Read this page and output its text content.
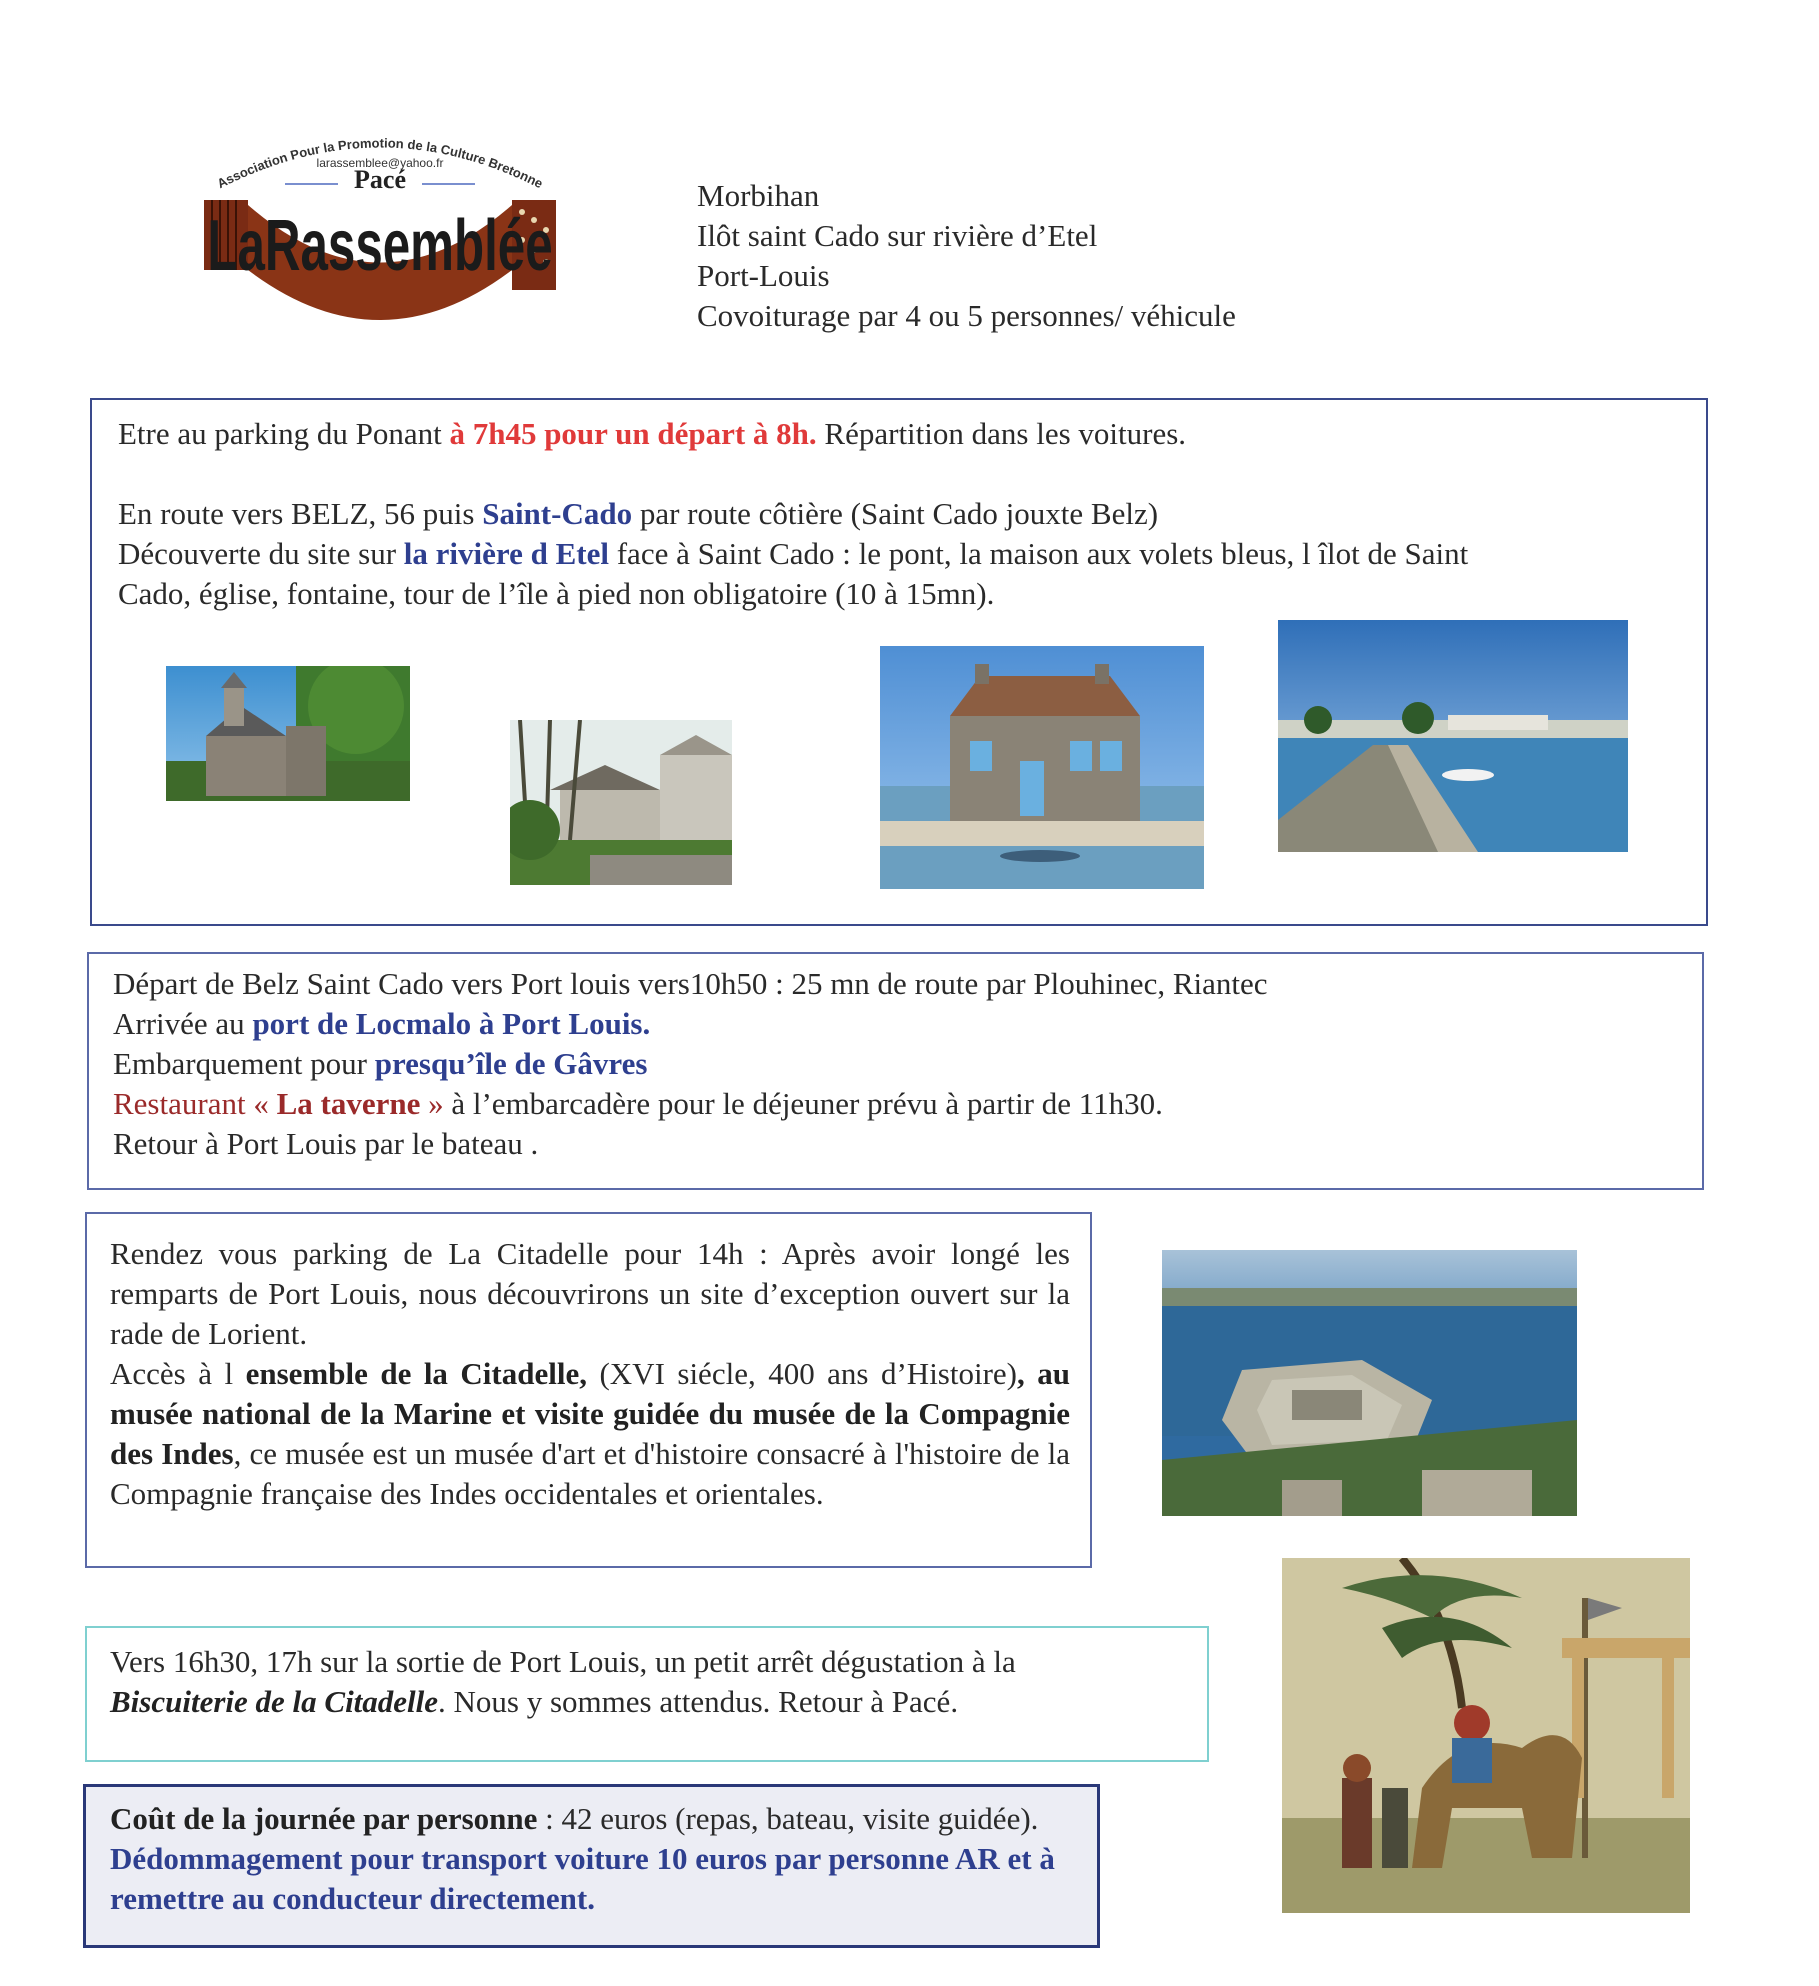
Association Pour la Promotion de la Culture Bretonne
larassemblee@yahoo.fr
Pacé
LaRassemblée
Morbihan
Ilôt saint Cado sur rivière d’Etel
Port-Louis
Covoiturage par 4 ou 5 personnes/ véhicule
Etre au parking du Ponant à 7h45 pour un départ à 8h. Répartition dans les voitures.
En route vers BELZ, 56 puis Saint-Cado par route côtière (Saint Cado jouxte Belz)
Découverte du site sur la rivière d Etel face à Saint Cado : le pont, la maison aux volets bleus, l îlot de Saint
Cado, église, fontaine, tour de l’île à pied non obligatoire (10 à 15mn).
Départ de Belz Saint Cado vers Port louis vers10h50 : 25 mn de route par Plouhinec, Riantec
Arrivée au port de Locmalo à Port Louis.
Embarquement pour presqu’île de Gâvres
Restaurant « La taverne » à l’embarcadère pour le déjeuner prévu à partir de 11h30.
Retour à Port Louis par le bateau .
Rendez vous parking de La Citadelle pour 14h : Après avoir longé les remparts de Port Louis, nous découvrirons un site d’exception ouvert sur la rade de Lorient.
Accès à l ensemble de la Citadelle, (XVI siécle, 400 ans d’Histoire), au musée national de la Marine et visite guidée du musée de la Compagnie des Indes, ce musée est un musée d'art et d'histoire consacré à l'histoire de la Compagnie française des Indes occidentales et orientales.
Vers 16h30, 17h sur la sortie de Port Louis, un petit arrêt dégustation à la
Biscuiterie de la Citadelle. Nous y sommes attendus. Retour à Pacé.
Coût de la journée par personne : 42 euros (repas, bateau, visite guidée). Dédommagement pour transport voiture 10 euros par personne AR et à remettre au conducteur directement.
